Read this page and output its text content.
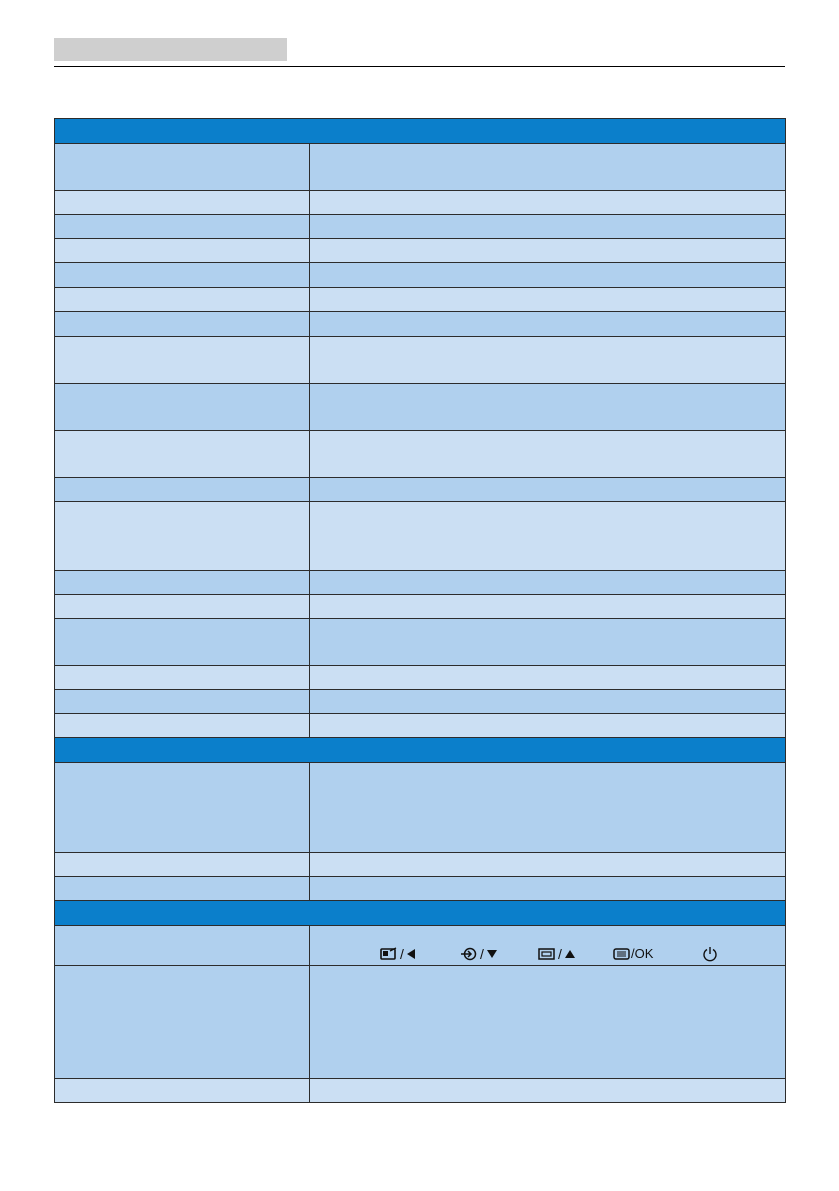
	/ / / /OK
